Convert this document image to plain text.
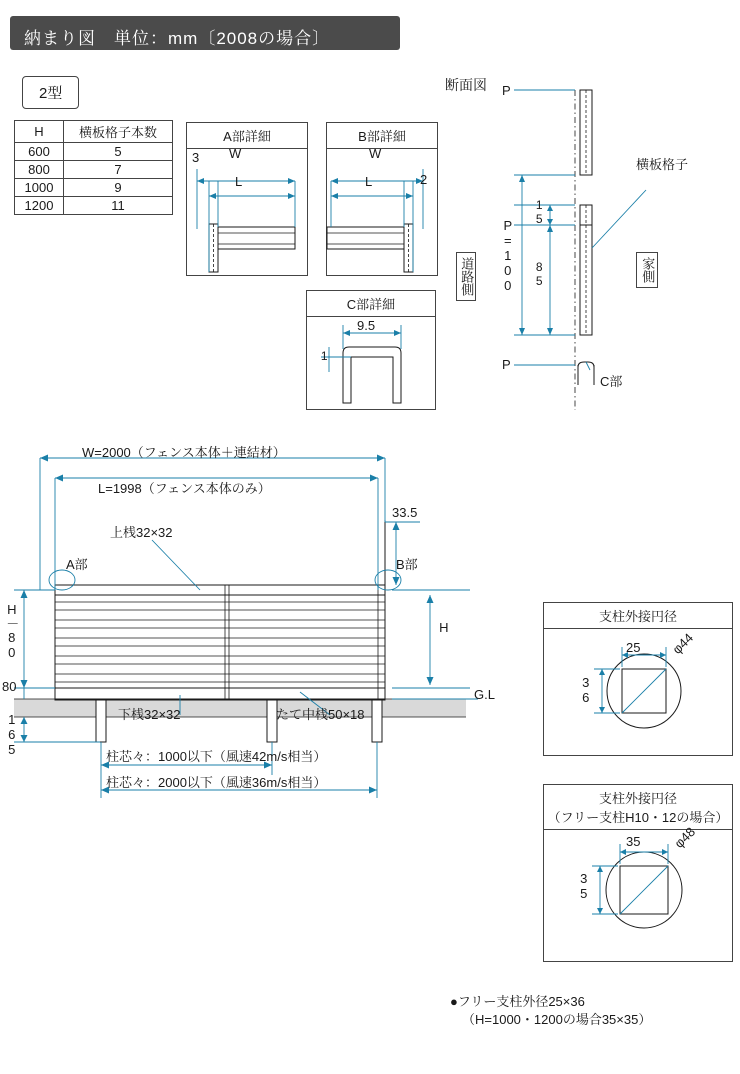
納まり図　単位：mm〔2008の場合〕
2型
H	横板格子本数
600	5
800	7
1000	9
1200	11
A部詳細
3 W
L
B部詳細
W
L	2
C部詳細
9.5
1
断面図 P
P
P=100
15
85
横板格子
道路側	家側
C部
W=2000（フェンス本体＋連結材）
L=1998（フェンス本体のみ）
33.5
上桟32×32
A部	B部
H－80
80
165
H
G.L
下桟32×32	たて中桟50×18
柱芯々：1000以下（風速42m/s相当）
柱芯々：2000以下（風速36m/s相当）
支柱外接円径
25
36
φ44
支柱外接円径
（フリー支柱H10・12の場合）
35
35
φ48
●フリー支柱外径25×36
（H=1000・1200の場合35×35）
